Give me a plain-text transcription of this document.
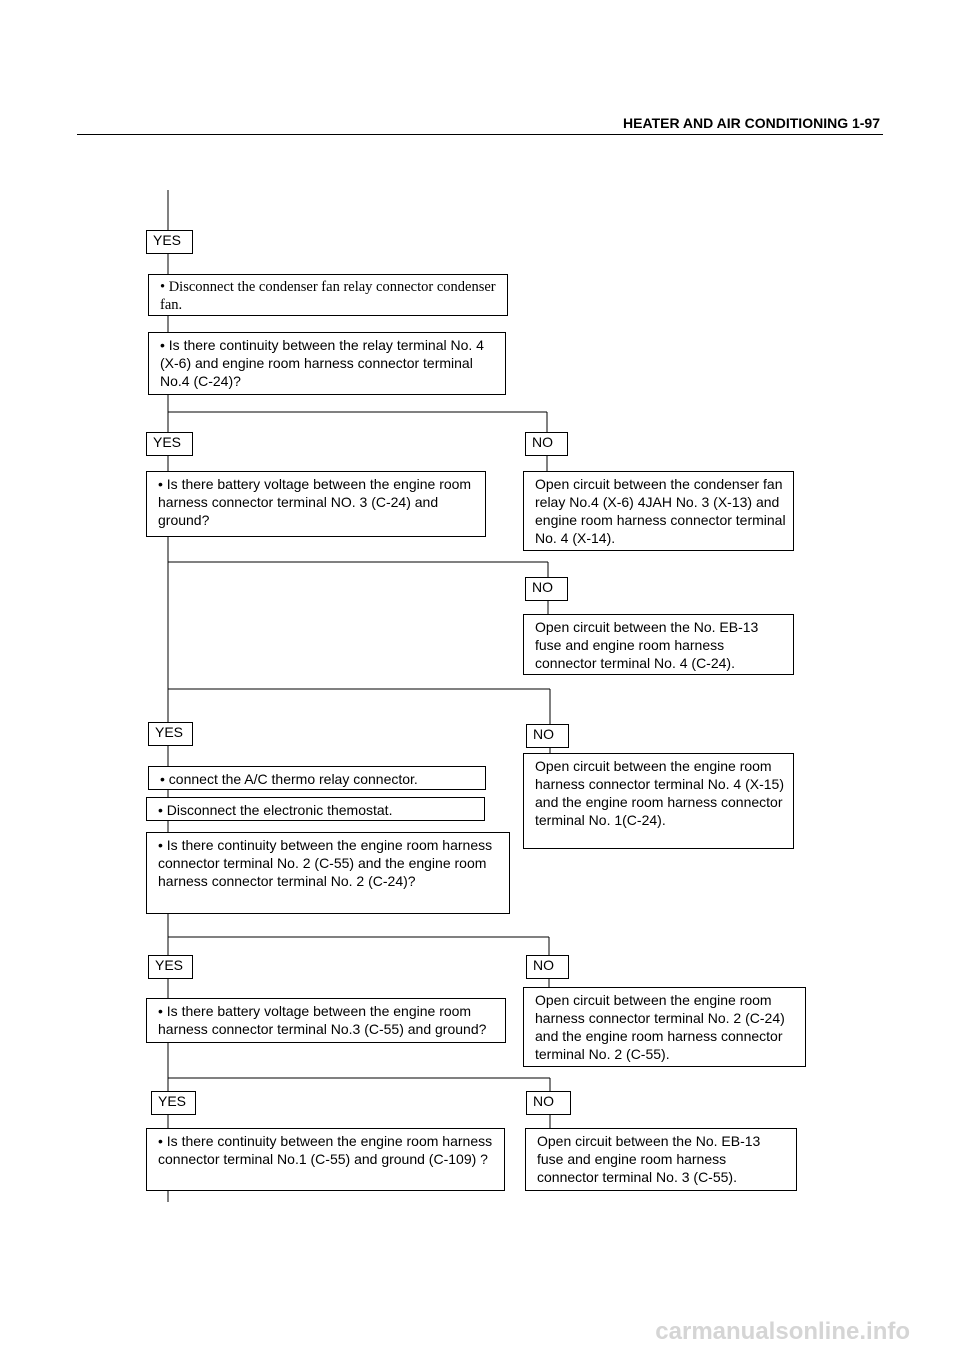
HEATER AND AIR CONDITIONING 1-97
YES
YES	NO
NO
YES	NO
YES	NO
YES	NO
• Disconnect the condenser fan relay connector condenser fan.
• Is there continuity between the relay terminal No. 4 (X-6) and engine room harness connector terminal No.4 (C-24)?
• Is there battery voltage between the engine room harness connector terminal NO. 3 (C-24) and ground?
• connect the A/C thermo relay connector.
• Disconnect the electronic themostat.
• Is there continuity between the engine room harness connector terminal No. 2 (C-55) and the engine room harness connector terminal No. 2 (C-24)?
• Is there battery voltage between the engine room harness connector terminal No.3 (C-55) and ground?
• Is there continuity between the engine room harness connector terminal No.1 (C-55) and ground (C-109) ?
Open circuit between the condenser fan relay No.4 (X-6) 4JAH No. 3 (X-13) and engine room harness connector terminal No. 4 (X-14).
Open circuit between the No. EB-13 fuse and engine room harness connector terminal No. 4 (C-24).
Open circuit between the engine room harness connector terminal No. 4 (X-15) and the engine room harness connector terminal No. 1(C-24).
Open circuit between the engine room harness connector terminal No. 2 (C-24) and the engine room harness connector terminal No. 2 (C-55).
Open circuit between the No. EB-13 fuse and engine room harness connector terminal No. 3 (C-55).
carmanualsonline.info
